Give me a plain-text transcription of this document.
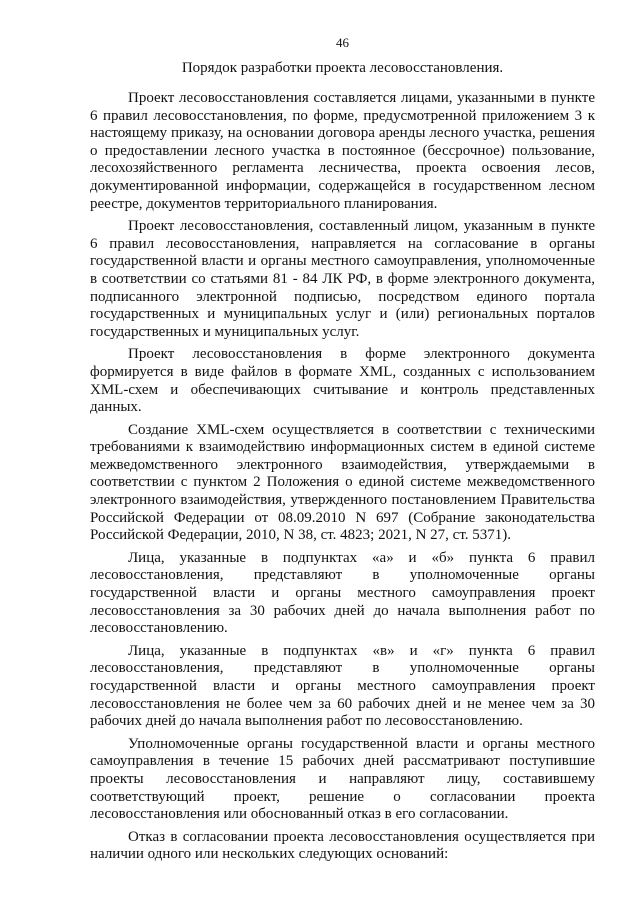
46
Порядок разработки проекта лесовосстановления.

Проект лесовосстановления составляется лицами, указанными в пункте 6 правил лесовосстановления, по форме, предусмотренной приложением 3 к настоящему приказу, на основании договора аренды лесного участка, решения о предоставлении лесного участка в постоянное (бессрочное) пользование, лесохозяйственного регламента лесничества, проекта освоения лесов, документированной информации, содержащейся в государственном лесном реестре, документов территориального планирования.

Проект лесовосстановления, составленный лицом, указанным в пункте 6 правил лесовосстановления, направляется на согласование в органы государственной власти и органы местного самоуправления, уполномоченные в соответствии со статьями 81 - 84 ЛК РФ, в форме электронного документа, подписанного электронной подписью, посредством единого портала государственных и муниципальных услуг и (или) региональных порталов государственных и муниципальных услуг.

Проект лесовосстановления в форме электронного документа формируется в виде файлов в формате XML, созданных с использованием XML-схем и обеспечивающих считывание и контроль представленных данных.

Создание XML-схем осуществляется в соответствии с техническими требованиями к взаимодействию информационных систем в единой системе межведомственного электронного взаимодействия, утверждаемыми в соответствии с пунктом 2 Положения о единой системе межведомственного электронного взаимодействия, утвержденного постановлением Правительства Российской Федерации от 08.09.2010 N 697 (Собрание законодательства Российской Федерации, 2010, N 38, ст. 4823; 2021, N 27, ст. 5371).

Лица, указанные в подпунктах «а» и «б» пункта 6 правил лесовосстановления, представляют в уполномоченные органы государственной власти и органы местного самоуправления проект лесовосстановления за 30 рабочих дней до начала выполнения работ по лесовосстановлению.

Лица, указанные в подпунктах «в» и «г» пункта 6 правил лесовосстановления, представляют в уполномоченные органы государственной власти и органы местного самоуправления проект лесовосстановления не более чем за 60 рабочих дней и не менее чем за 30 рабочих дней до начала выполнения работ по лесовосстановлению.

Уполномоченные органы государственной власти и органы местного самоуправления в течение 15 рабочих дней рассматривают поступившие проекты лесовосстановления и направляют лицу, составившему соответствующий проект, решение о согласовании проекта лесовосстановления или обоснованный отказ в его согласовании.

Отказ в согласовании проекта лесовосстановления осуществляется при наличии одного или нескольких следующих оснований:
